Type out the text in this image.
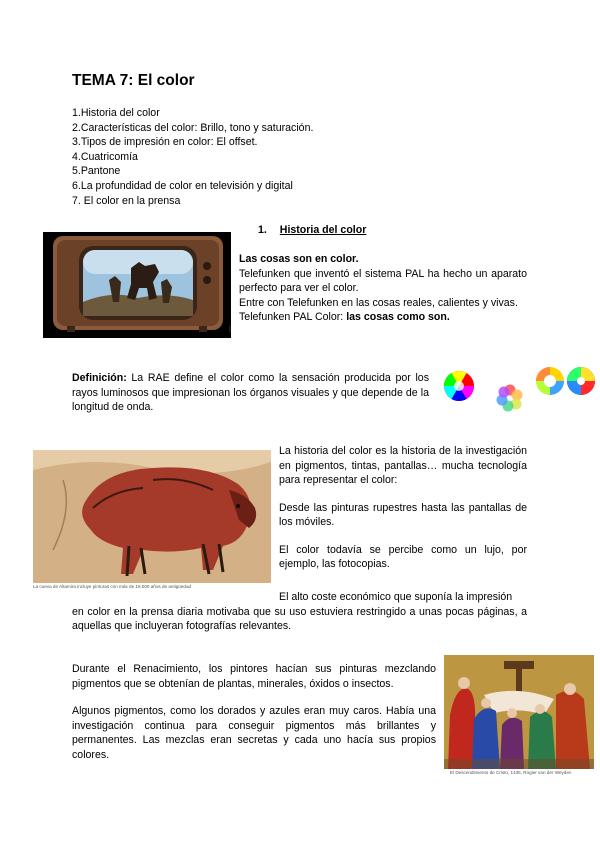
TEMA 7: El color
1.Historia del color
2.Características del color: Brillo, tono y saturación.
3.Tipos de impresión en color: El offset.
4.Cuatricomía
5.Pantone
6.La profundidad de color en televisión y digital
7. El color en la prensa
1. Historia del color
|

Las cosas son en color.

Telefunken que inventó el sistema PAL ha hecho un aparato perfecto para ver el color.

Entre con Telefunken en las cosas reales, calientes y vivas.

Telefunken PAL Color: las cosas como son.

Definición: La RAE define el color como la sensación producida por los rayos luminosos que impresionan los órganos visuales y que depende de la longitud de onda.
La cueva de Altamira incluye pinturas con más de 18.000 años de antigüedad

La historia del color es la historia de la investigación en pigmentos, tintas, pantallas… mucha tecnología para representar el color:

Desde las pinturas rupestres hasta las pantallas de los móviles.

El color todavía se percibe como un lujo, por ejemplo, las fotocopias.

El alto coste económico que suponía la impresión

en color en la prensa diaria motivaba que su uso estuviera restringido a unas pocas páginas, a aquellas que incluyeran fotografías relevantes.

Durante el Renacimiento, los pintores hacían sus pinturas mezclando pigmentos que se obtenían de plantas, minerales, óxidos o insectos.

Algunos pigmentos, como los dorados y azules eran muy caros. Había una investigación continua para conseguir pigmentos más brillantes y permanentes. Las mezclas eran secretas y cada uno hacía sus propios colores.

El Descendimiento de Cristo, 1435, Rogier van der Weyden
